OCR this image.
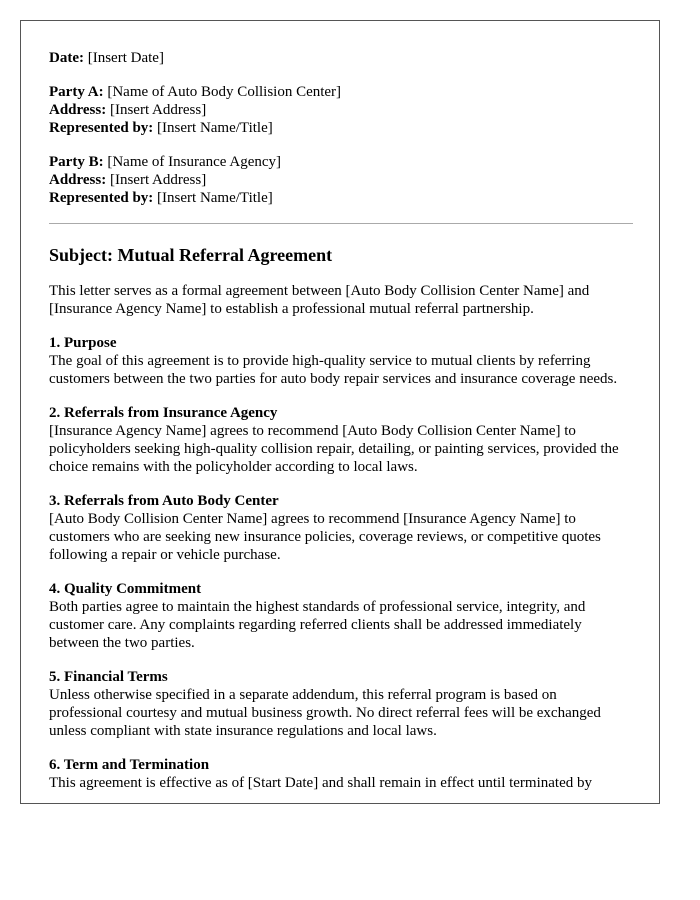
Date: [Insert Date]
Party A: [Name of Auto Body Collision Center]
Address: [Insert Address]
Represented by: [Insert Name/Title]
Party B: [Name of Insurance Agency]
Address: [Insert Address]
Represented by: [Insert Name/Title]
Subject: Mutual Referral Agreement
This letter serves as a formal agreement between [Auto Body Collision Center Name] and [Insurance Agency Name] to establish a professional mutual referral partnership.
1. Purpose
The goal of this agreement is to provide high-quality service to mutual clients by referring customers between the two parties for auto body repair services and insurance coverage needs.
2. Referrals from Insurance Agency
[Insurance Agency Name] agrees to recommend [Auto Body Collision Center Name] to policyholders seeking high-quality collision repair, detailing, or painting services, provided the choice remains with the policyholder according to local laws.
3. Referrals from Auto Body Center
[Auto Body Collision Center Name] agrees to recommend [Insurance Agency Name] to customers who are seeking new insurance policies, coverage reviews, or competitive quotes following a repair or vehicle purchase.
4. Quality Commitment
Both parties agree to maintain the highest standards of professional service, integrity, and customer care. Any complaints regarding referred clients shall be addressed immediately between the two parties.
5. Financial Terms
Unless otherwise specified in a separate addendum, this referral program is based on professional courtesy and mutual business growth. No direct referral fees will be exchanged unless compliant with state insurance regulations and local laws.
6. Term and Termination
This agreement is effective as of [Start Date] and shall remain in effect until terminated by
